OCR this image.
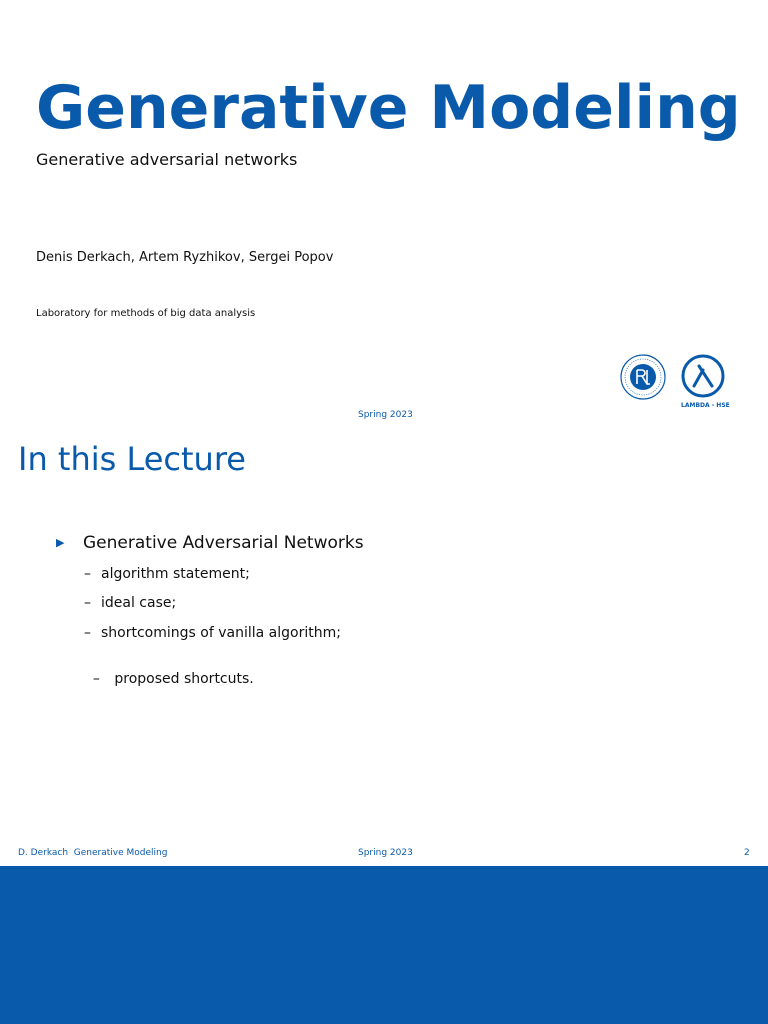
Generative Modeling
Generative adversarial networks
Denis Derkach, Artem Ryzhikov, Sergei Popov
Laboratory for methods of big data analysis
LAMBDA - HSE
Spring 2023
In this Lecture
▶ Generative Adversarial Networks
– algorithm statement;
– ideal case;
– shortcomings of vanilla algorithm;

– proposed shortcuts.

D. Derkach  Generative Modeling	Spring 2023	2
